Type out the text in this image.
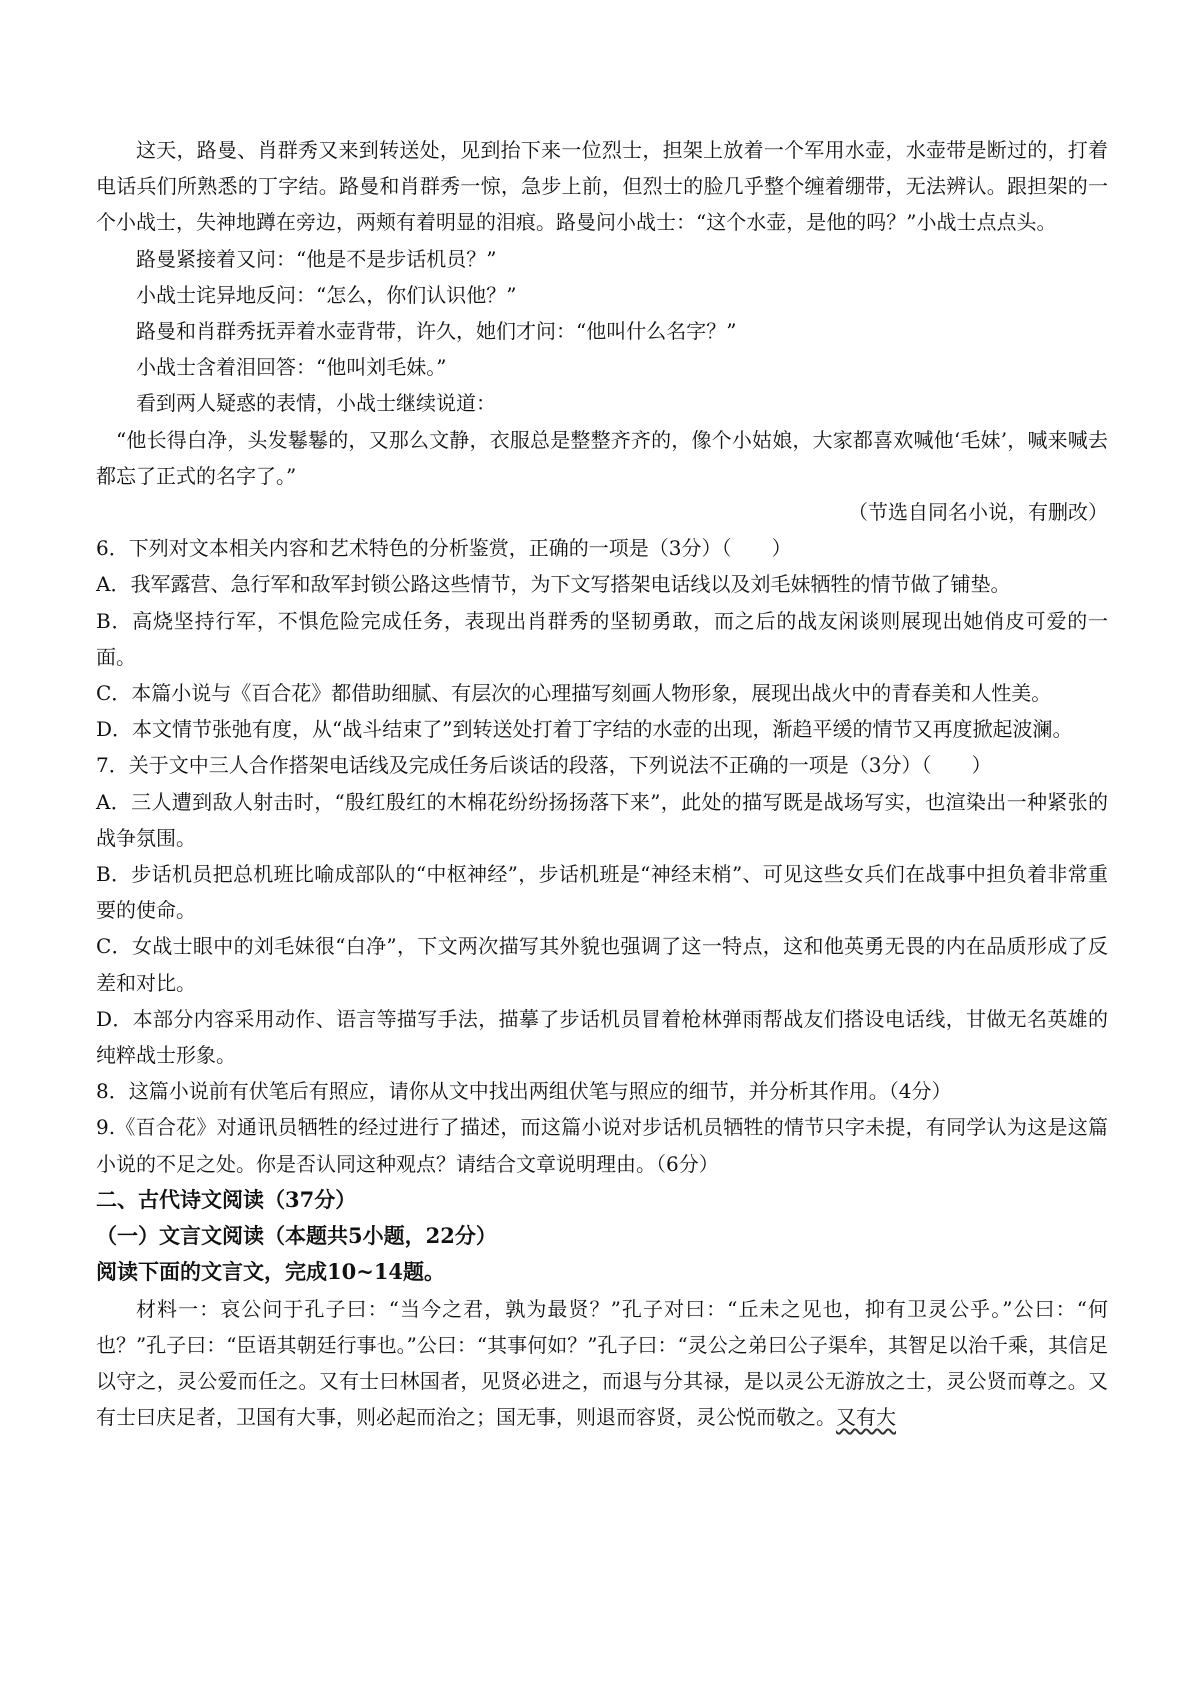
这天，路曼、肖群秀又来到转送处，见到抬下来一位烈士，担架上放着一个军用水壶，水壶带是断过的，打着电话兵们所熟悉的丁字结。路曼和肖群秀一惊，急步上前，但烈士的脸几乎整个缠着绷带，无法辨认。跟担架的一个小战士，失神地蹲在旁边，两颊有着明显的泪痕。路曼问小战士：“这个水壶，是他的吗？”小战士点点头。

路曼紧接着又问：“他是不是步话机员？”

小战士诧异地反问：“怎么，你们认识他？”

路曼和肖群秀抚弄着水壶背带，许久，她们才问：“他叫什么名字？”

小战士含着泪回答：“他叫刘毛妹。”

看到两人疑惑的表情，小战士继续说道：

“他长得白净，头发鬈鬈的，又那么文静，衣服总是整整齐齐的，像个小姑娘，大家都喜欢喊他‘毛妹’，喊来喊去都忘了正式的名字了。”

（节选自同名小说，有删改）

6．下列对文本相关内容和艺术特色的分析鉴赏，正确的一项是（3分）（　　）

A．我军露营、急行军和敌军封锁公路这些情节，为下文写搭架电话线以及刘毛妹牺牲的情节做了铺垫。

B．高烧坚持行军，不惧危险完成任务，表现出肖群秀的坚韧勇敢，而之后的战友闲谈则展现出她俏皮可爱的一面。

C．本篇小说与《百合花》都借助细腻、有层次的心理描写刻画人物形象，展现出战火中的青春美和人性美。

D．本文情节张弛有度，从“战斗结束了”到转送处打着丁字结的水壶的出现，渐趋平缓的情节又再度掀起波澜。

7．关于文中三人合作搭架电话线及完成任务后谈话的段落，下列说法不正确的一项是（3分）（　　）

A．三人遭到敌人射击时，“殷红殷红的木棉花纷纷扬扬落下来”，此处的描写既是战场写实，也渲染出一种紧张的战争氛围。

B．步话机员把总机班比喻成部队的“中枢神经”，步话机班是“神经末梢”、可见这些女兵们在战事中担负着非常重要的使命。

C．女战士眼中的刘毛妹很“白净”，下文两次描写其外貌也强调了这一特点，这和他英勇无畏的内在品质形成了反差和对比。

D．本部分内容采用动作、语言等描写手法，描摹了步话机员冒着枪林弹雨帮战友们搭设电话线，甘做无名英雄的纯粹战士形象。

8．这篇小说前有伏笔后有照应，请你从文中找出两组伏笔与照应的细节，并分析其作用。（4分）

9.《百合花》对通讯员牺牲的经过进行了描述，而这篇小说对步话机员牺牲的情节只字未提，有同学认为这是这篇小说的不足之处。你是否认同这种观点？请结合文章说明理由。（6分）

二、古代诗文阅读（37分）

（一）文言文阅读（本题共5小题，22分）

阅读下面的文言文，完成10~14题。

材料一：哀公问于孔子曰：“当今之君，孰为最贤？”孔子对曰：“丘未之见也，抑有卫灵公乎。”公曰：“何也？”孔子曰：“臣语其朝廷行事也。”公曰：“其事何如？”孔子曰：“灵公之弟曰公子渠牟，其智足以治千乘，其信足以守之，灵公爱而任之。又有士曰林国者，见贤必进之，而退与分其禄，是以灵公无游放之士，灵公贤而尊之。又有士曰庆足者，卫国有大事，则必起而治之；国无事，则退而容贤，灵公悦而敬之。又有大
